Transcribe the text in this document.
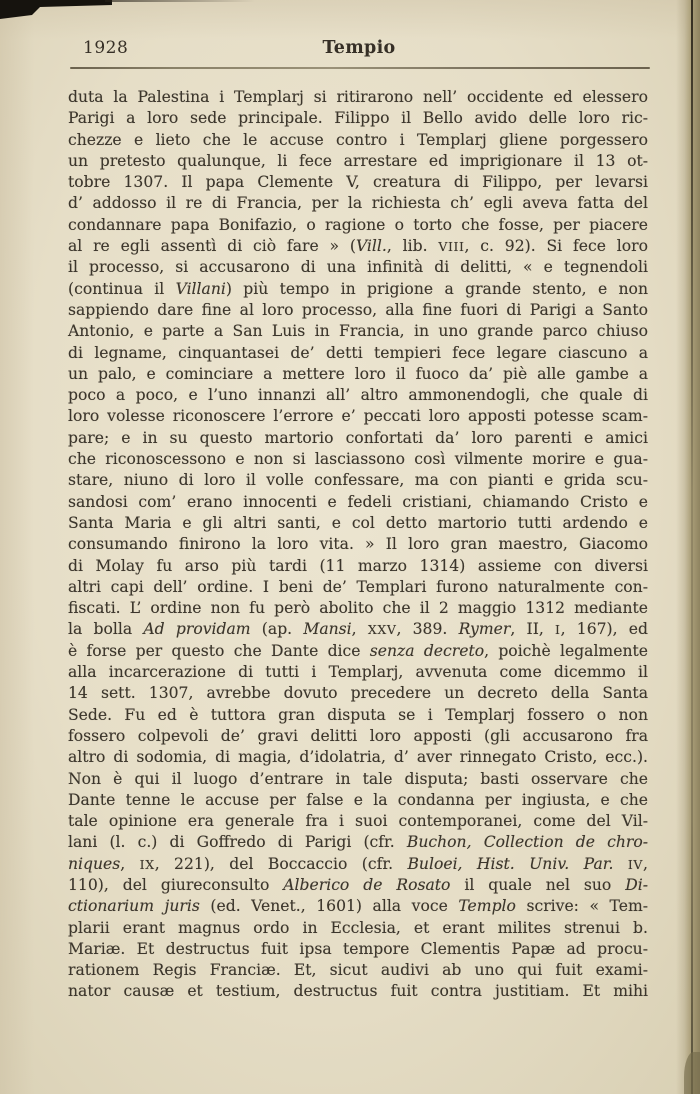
1928	Tempio
duta la Palestina i Templarj si ritirarono nell’ occidente ed elessero
Parigi a loro sede principale. Filippo il Bello avido delle loro ric-
chezze e lieto che le accuse contro i Templarj gliene porgessero
un pretesto qualunque, li fece arrestare ed imprigionare il 13 ot-
tobre 1307. Il papa Clemente V, creatura di Filippo, per levarsi
d’ addosso il re di Francia, per la richiesta ch’ egli aveva fatta del
condannare papa Bonifazio, o ragione o torto che fosse, per piacere
al re egli assentì di ciò fare » (Vill., lib. VIII, c. 92). Si fece loro
il processo, si accusarono di una infinità di delitti, « e tegnendoli
(continua il Villani) più tempo in prigione a grande stento, e non
sappiendo dare fine al loro processo, alla fine fuori di Parigi a Santo
Antonio, e parte a San Luis in Francia, in uno grande parco chiuso
di legname, cinquantasei de’ detti tempieri fece legare ciascuno a
un palo, e cominciare a mettere loro il fuoco da’ piè alle gambe a
poco a poco, e l’uno innanzi all’ altro ammonendogli, che quale di
loro volesse riconoscere l’errore e’ peccati loro apposti potesse scam-
pare; e in su questo martorio confortati da’ loro parenti e amici
che riconoscessono e non si lasciassono così vilmente morire e gua-
stare, niuno di loro il volle confessare, ma con pianti e grida scu-
sandosi com’ erano innocenti e fedeli cristiani, chiamando Cristo e
Santa Maria e gli altri santi, e col detto martorio tutti ardendo e
consumando finirono la loro vita. » Il loro gran maestro, Giacomo
di Molay fu arso più tardi (11 marzo 1314) assieme con diversi
altri capi dell’ ordine. I beni de’ Templari furono naturalmente con-
fiscati. L’ ordine non fu però abolito che il 2 maggio 1312 mediante
la bolla Ad providam (ap. Mansi, XXV, 389. Rymer, II, I, 167), ed
è forse per questo che Dante dice senza decreto, poichè legalmente
alla incarcerazione di tutti i Templarj, avvenuta come dicemmo il
14 sett. 1307, avrebbe dovuto precedere un decreto della Santa
Sede. Fu ed è tuttora gran disputa se i Templarj fossero o non
fossero colpevoli de’ gravi delitti loro apposti (gli accusarono fra
altro di sodomia, di magia, d’idolatria, d’ aver rinnegato Cristo, ecc.).
Non è qui il luogo d’entrare in tale disputa; basti osservare che
Dante tenne le accuse per false e la condanna per ingiusta, e che
tale opinione era generale fra i suoi contemporanei, come del Vil-
lani (l. c.) di Goffredo di Parigi (cfr. Buchon, Collection de chro-
niques, IX, 221), del Boccaccio (cfr. Buloei, Hist. Univ. Par. IV,
110), del giureconsulto Alberico de Rosato il quale nel suo Di-
ctionarium juris (ed. Venet., 1601) alla voce Templo scrive: « Tem-
plarii erant magnus ordo in Ecclesia, et erant milites strenui b.
Mariæ. Et destructus fuit ipsa tempore Clementis Papæ ad procu-
rationem Regis Franciæ. Et, sicut audivi ab uno qui fuit exami-
nator causæ et testium, destructus fuit contra justitiam. Et mihi
